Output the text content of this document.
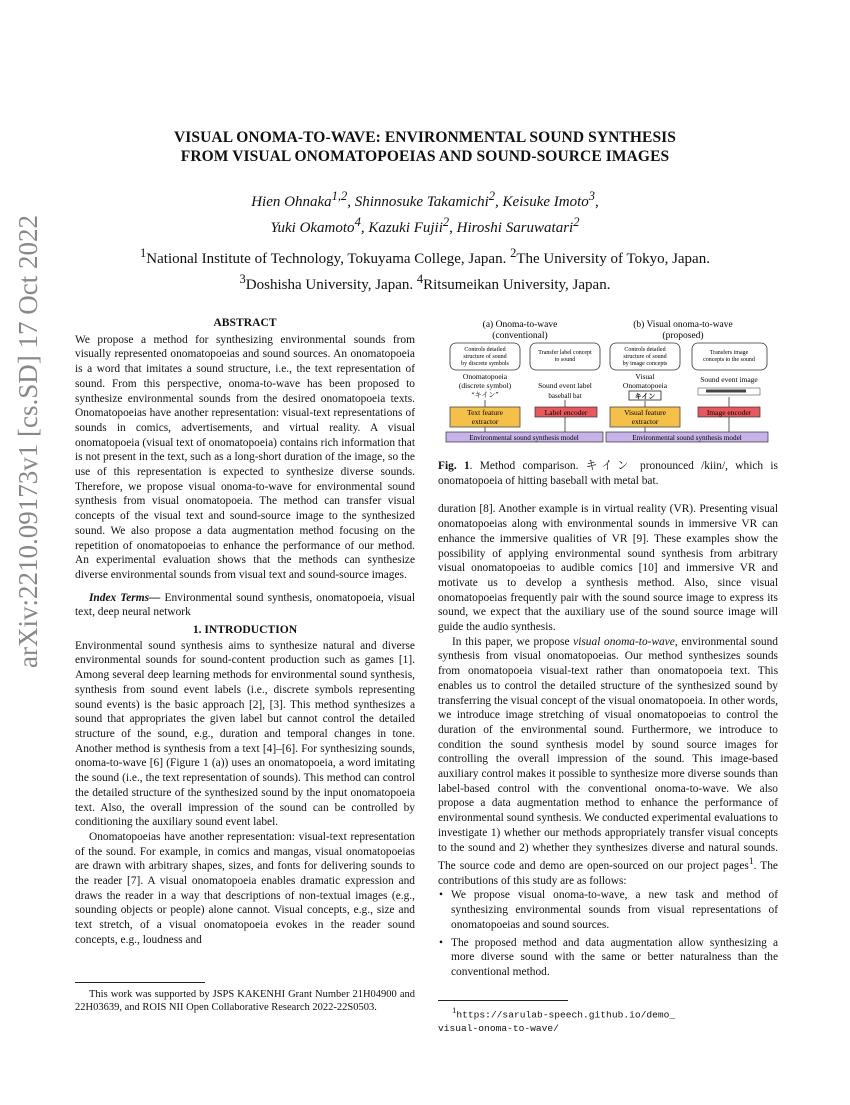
arXiv:2210.09173v1 [cs.SD] 17 Oct 2022
VISUAL ONOMA-TO-WAVE: ENVIRONMENTAL SOUND SYNTHESIS
FROM VISUAL ONOMATOPOEIAS AND SOUND-SOURCE IMAGES
Hien Ohnaka$^{1,2}$, Shinnosuke Takamichi$^2$, Keisuke Imoto$^3$,
Yuki Okamoto$^4$, Kazuki Fujii$^2$, Hiroshi Saruwatari$^2$
$^1$National Institute of Technology, Tokuyama College, Japan. $^2$The University of Tokyo, Japan.
$^3$Doshisha University, Japan. $^4$Ritsumeikan University, Japan.
ABSTRACT

We propose a method for synthesizing environmental sounds from visually represented onomatopoeias and sound sources. An onomatopoeia is a word that imitates a sound structure, i.e., the text representation of sound. From this perspective, onoma-to-wave has been proposed to synthesize environmental sounds from the desired onomatopoeia texts. Onomatopoeias have another representation: visual-text representations of sounds in comics, advertisements, and virtual reality. A visual onomatopoeia (visual text of onomatopoeia) contains rich information that is not present in the text, such as a long-short duration of the image, so the use of this representation is expected to synthesize diverse sounds. Therefore, we propose visual onoma-to-wave for environmental sound synthesis from visual onomatopoeia. The method can transfer visual concepts of the visual text and sound-source image to the synthesized sound. We also propose a data augmentation method focusing on the repetition of onomatopoeias to enhance the performance of our method. An experimental evaluation shows that the methods can synthesize diverse environmental sounds from visual text and sound-source images.

Index Terms— Environmental sound synthesis, onomatopoeia, visual text, deep neural network

1. INTRODUCTION

Environmental sound synthesis aims to synthesize natural and diverse environmental sounds for sound-content production such as games [1]. Among several deep learning methods for environmental sound synthesis, synthesis from sound event labels (i.e., discrete symbols representing sound events) is the basic approach [2], [3]. This method synthesizes a sound that appropriates the given label but cannot control the detailed structure of the sound, e.g., duration and temporal changes in tone. Another method is synthesis from a text [4]–[6]. For synthesizing sounds, onoma-to-wave [6] (Figure 1 (a)) uses an onomatopoeia, a word imitating the sound (i.e., the text representation of sounds). This method can control the detailed structure of the synthesized sound by the input onomatopoeia text. Also, the overall impression of the sound can be controlled by conditioning the auxiliary sound event label.

Onomatopoeias have another representation: visual-text representation of the sound. For example, in comics and mangas, visual onomatopoeias are drawn with arbitrary shapes, sizes, and fonts for delivering sounds to the reader [7]. A visual onomatopoeia enables dramatic expression and draws the reader in a way that descriptions of non-textual images (e.g., sounding objects or people) alone cannot. Visual concepts, e.g., size and text stretch, of a visual onomatopoeia evokes in the reader sound concepts, e.g., loudness and

This work was supported by JSPS KAKENHI Grant Number 21H04900 and 22H03639, and ROIS NII Open Collaborative Research 2022-22S0503.

(a) Onoma-to-wave
(conventional)
(b) Visual onoma-to-wave
(proposed)
Controls detailed
structure of sound
by discrete symbols
Transfer label concept
to sound
Controls detailed
structure of sound
by image concepts
Transfers image
concepts to the sound
Onomatopoeia
(discrete symbol)
“キイン”
Sound event label
baseball bat
Visual
Onomatopoeia
キイン
Sound event image
Text feature
extractor
Label encoder	Visual feature
extractor
Image encoder
Environmental sound synthesis model	Environmental sound synthesis model

Fig. 1. Method comparison. キイン pronounced /kiin/, which is onomatopoeia of hitting baseball with metal bat.

duration [8]. Another example is in virtual reality (VR). Presenting visual onomatopoeias along with environmental sounds in immersive VR can enhance the immersive qualities of VR [9]. These examples show the possibility of applying environmental sound synthesis from arbitrary visual onomatopoeias to audible comics [10] and immersive VR and motivate us to develop a synthesis method. Also, since visual onomatopoeias frequently pair with the sound source image to express its sound, we expect that the auxiliary use of the sound source image will guide the audio synthesis.

In this paper, we propose visual onoma-to-wave, environmental sound synthesis from visual onomatopoeias. Our method synthesizes sounds from onomatopoeia visual-text rather than onomatopoeia text. This enables us to control the detailed structure of the synthesized sound by transferring the visual concept of the visual onomatopoeia. In other words, we introduce image stretching of visual onomatopoeias to control the duration of the environmental sound. Furthermore, we introduce to condition the sound synthesis model by sound source images for controlling the overall impression of the sound. This image-based auxiliary control makes it possible to synthesize more diverse sounds than label-based control with the conventional onoma-to-wave. We also propose a data augmentation method to enhance the performance of environmental sound synthesis. We conducted experimental evaluations to investigate 1) whether our methods appropriately transfer visual concepts to the sound and 2) whether they synthesizes diverse and natural sounds. The source code and demo are open-sourced on our project pages$^1$. The contributions of this study are as follows:

• We propose visual onoma-to-wave, a new task and method of synthesizing environmental sounds from visual representations of onomatopoeias and sound sources.
• The proposed method and data augmentation allow synthesizing a more diverse sound with the same or better naturalness than the conventional method.
$^1$https://sarulab-speech.github.io/demo_
visual-onoma-to-wave/
